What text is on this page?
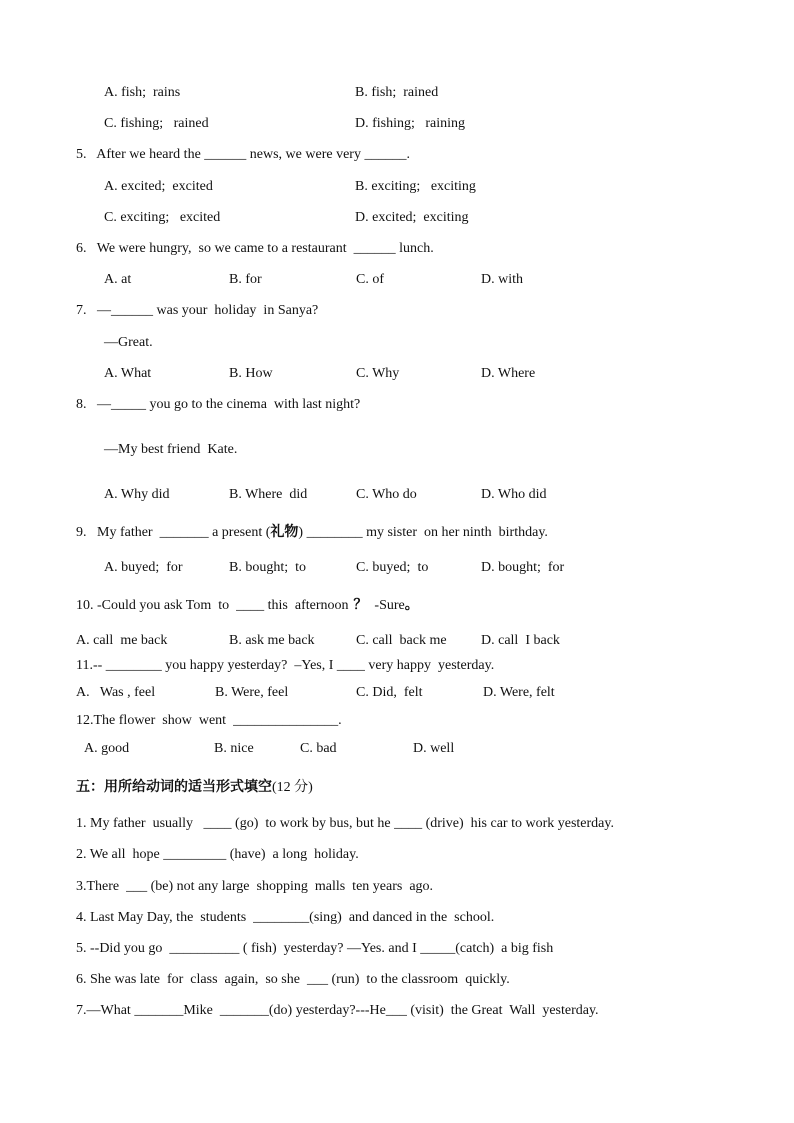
A. fish;  rains	B. fish;  rained
C. fishing;   rained	D. fishing;   raining
5.   After we heard the ______ news, we were very ______.
A. excited;  excited	B. exciting;   exciting
C. exciting;   excited	D. excited;  exciting
6.   We were hungry,  so we came to a restaurant  ______ lunch.
A. at	B. for	C. of	D. with
7.   —______ was your  holiday  in Sanya?
—Great.
A. What	B. How	C. Why	D. Where
8.   —_____ you go to the cinema  with last night?
—My best friend  Kate.
A. Why did	B. Where  did	C. Who do	D. Who did
9.   My father  _______ a present (礼物) ________ my sister  on her ninth  birthday.
A. buyed;  for	B. bought;  to	C. buyed;  to	D. bought;  for
10. -Could you ask Tom  to  ____ this  afternoon ？  -Sure。
A. call  me back	B. ask me back	C. call  back me D. call  I back
11.-- ________ you happy yesterday?  –Yes, I ____ very happy  yesterday.
A.   Was , feel	B. Were, feel	C. Did,  felt	D. Were, felt
12.The flower  show  went  _______________.
A. good	B. nice	C. bad	D. well
五：用所给动词的适当形式填空(12 分)
1. My father  usually   ____ (go)  to work by bus, but he ____ (drive)  his car to work yesterday.
2. We all  hope _________ (have)  a long  holiday.
3.There  ___ (be) not any large  shopping  malls  ten years  ago.
4. Last May Day, the  students  ________(sing)  and danced in the  school.
5. --Did you go  __________ ( fish)  yesterday? —Yes. and I _____(catch)  a big fish
6. She was late  for  class  again,  so she  ___ (run)  to the classroom  quickly.
7.—What _______Mike  _______(do) yesterday?---He___ (visit)  the Great  Wall  yesterday.
